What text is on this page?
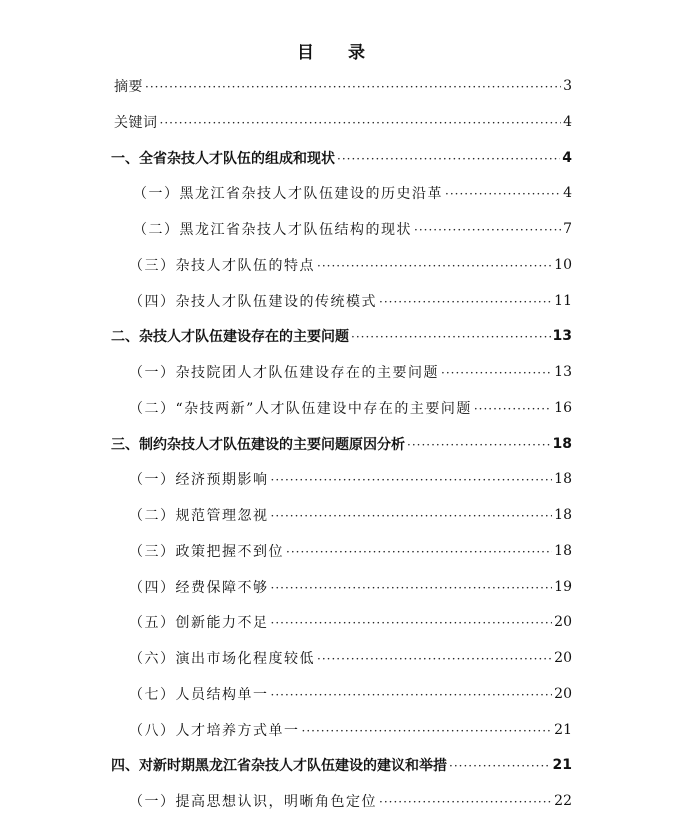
目 录
摘要 ·····	3
关键词 ·····	4
一、全省杂技人才队伍的组成和现状 ·····	4
（一）黑龙江省杂技人才队伍建设的历史沿革 ·····	4
（二）黑龙江省杂技人才队伍结构的现状 ·····	7
（三）杂技人才队伍的特点 ·····	10
（四）杂技人才队伍建设的传统模式 ·····	11
二、杂技人才队伍建设存在的主要问题 ·····	13
（一）杂技院团人才队伍建设存在的主要问题 ·····	13
（二）“杂技两新”人才队伍建设中存在的主要问题 ·····	16
三、制约杂技人才队伍建设的主要问题原因分析 ·····	18
（一）经济预期影响 ·····	18
（二）规范管理忽视 ·····	18
（三）政策把握不到位 ·····	18
（四）经费保障不够 ·····	19
（五）创新能力不足 ·····	20
（六）演出市场化程度较低 ·····	20
（七）人员结构单一 ·····	20
（八）人才培养方式单一 ·····	21
四、对新时期黑龙江省杂技人才队伍建设的建议和举措 ·····	21
（一）提高思想认识，明晰角色定位 ·····	22
